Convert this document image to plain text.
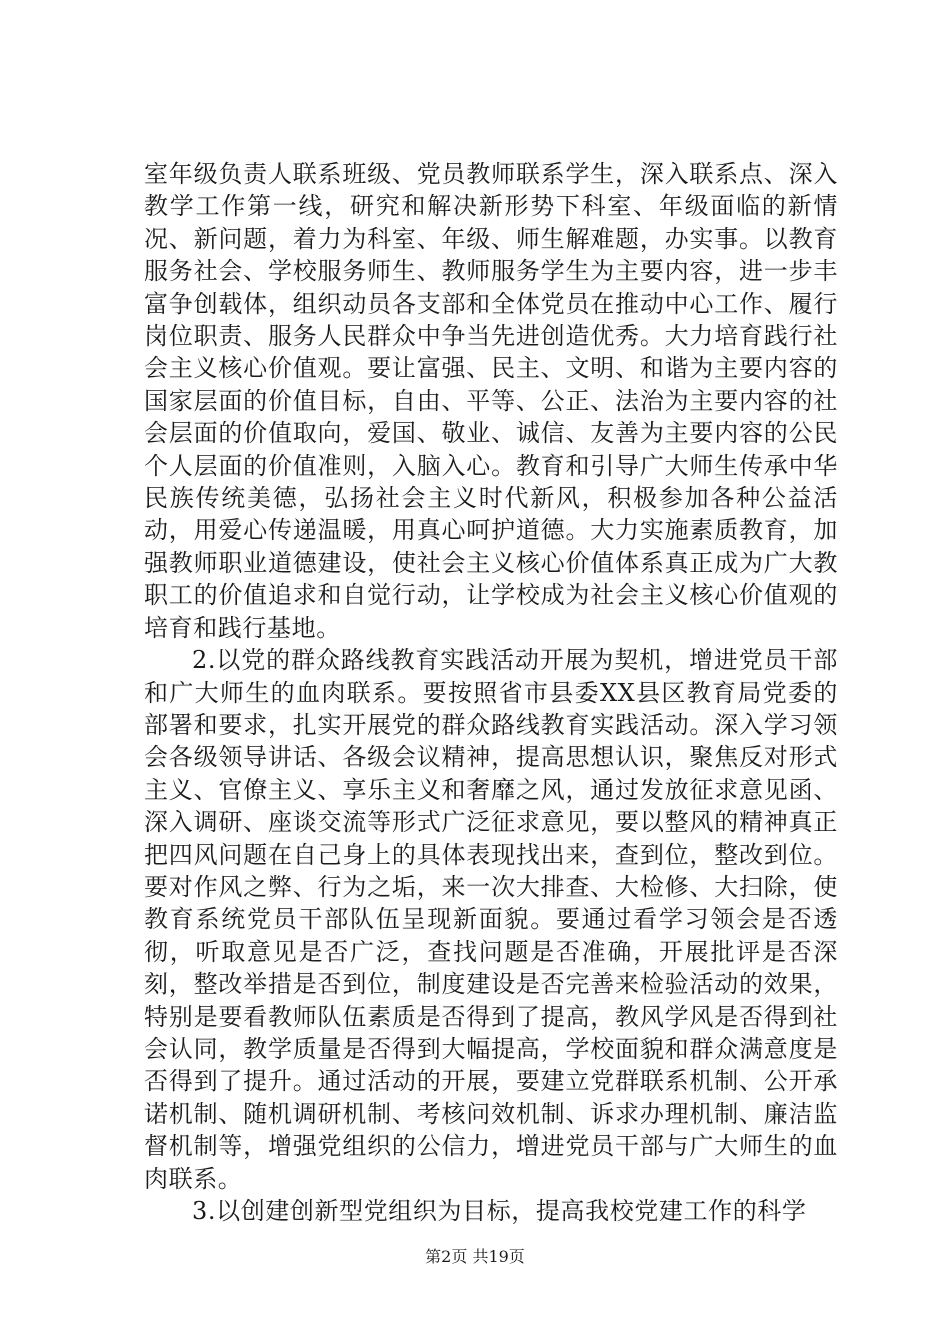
室年级负责人联系班级、党员教师联系学生，深入联系点、深入教学工作第一线，研究和解决新形势下科室、年级面临的新情况、新问题，着力为科室、年级、师生解难题，办实事。以教育服务社会、学校服务师生、教师服务学生为主要内容，进一步丰富争创载体，组织动员各支部和全体党员在推动中心工作、履行岗位职责、服务人民群众中争当先进创造优秀。大力培育践行社会主义核心价值观。要让富强、民主、文明、和谐为主要内容的国家层面的价值目标，自由、平等、公正、法治为主要内容的社会层面的价值取向，爱国、敬业、诚信、友善为主要内容的公民个人层面的价值准则，入脑入心。教育和引导广大师生传承中华民族传统美德，弘扬社会主义时代新风，积极参加各种公益活动，用爱心传递温暖，用真心呵护道德。大力实施素质教育，加强教师职业道德建设，使社会主义核心价值体系真正成为广大教职工的价值追求和自觉行动，让学校成为社会主义核心价值观的培育和践行基地。

2.以党的群众路线教育实践活动开展为契机，增进党员干部和广大师生的血肉联系。要按照省市县委XX县区教育局党委的部署和要求，扎实开展党的群众路线教育实践活动。深入学习领会各级领导讲话、各级会议精神，提高思想认识，聚焦反对形式主义、官僚主义、享乐主义和奢靡之风，通过发放征求意见函、深入调研、座谈交流等形式广泛征求意见，要以整风的精神真正把四风问题在自己身上的具体表现找出来，查到位，整改到位。要对作风之弊、行为之垢，来一次大排查、大检修、大扫除，使教育系统党员干部队伍呈现新面貌。要通过看学习领会是否透彻，听取意见是否广泛，查找问题是否准确，开展批评是否深刻，整改举措是否到位，制度建设是否完善来检验活动的效果，特别是要看教师队伍素质是否得到了提高，教风学风是否得到社会认同，教学质量是否得到大幅提高，学校面貌和群众满意度是否得到了提升。通过活动的开展，要建立党群联系机制、公开承诺机制、随机调研机制、考核问效机制、诉求办理机制、廉洁监督机制等，增强党组织的公信力，增进党员干部与广大师生的血肉联系。

3.以创建创新型党组织为目标，提高我校党建工作的科学

第2页 共19页
